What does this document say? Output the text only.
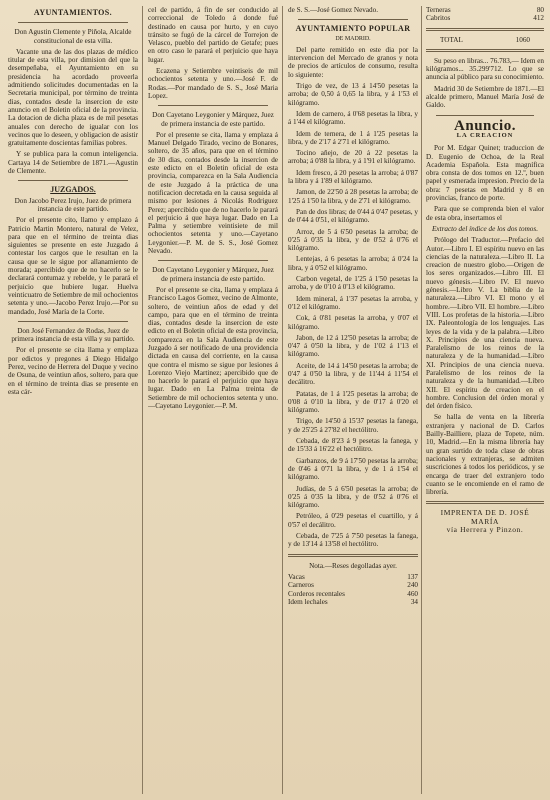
AYUNTAMIENTOS.

Don Agustin Clemente y Piñola, Alcalde constitucional de esta villa.

Vacante una de las dos plazas de médico titular de esta villa, por dimision del que la desempeñaba, el Ayuntamiento en su presidencia ha acordado proveerla admitiendo solicitudes documentadas en la Secretaria municipal, por término de treinta dias, contados desde la insercion de este anuncio en el Boletin oficial de la provincia. La dotacion de dicha plaza es de mil pesetas anuales con derecho de igualar con los vecinos que lo deseen, y obligacion de asistir gratuitamente doscientas familias pobres.

Y se publica para la comun inteligencia. Cartaya 14 de Setiembre de 1871.—Agustin de Clemente.

JUZGADOS.

Don Jacobo Perez Irujo, Juez de primera instancia de este partido.

Por el presente cito, llamo y emplazo á Patricio Martin Montero, natural de Velez, para que en el término de treinta dias siguientes se presente en este Juzgado á contestar los cargos que le resultan en la causa que se le sigue por allanamiento de morada; apercibido que de no hacerlo se le declarará contumaz y rebelde, y le parará el perjuicio que hubiere lugar. Huelva veinticuatro de Setiembre de mil ochocientos setenta y uno.—Jacobo Perez Irujo.—Por su mandado, José María de la Corte.

Don José Fernandez de Rodas, Juez de primera instancia de esta villa y su partido.

Por el presente se cita llama y emplaza por edictos y pregones á Diego Hidalgo Perez, vecino de Herrera del Duque y vecino de Osuna, de veintiun años, soltero, para que en el término de treinta dias se presente en esta cár-

cel de partido, á fin de ser conducido al correccional de Toledo á donde fué destinado en causa por hurto, y en cuyo tránsito se fugó de la cárcel de Torrejon de Velasco, pueblo del partido de Getafe; pues en otro caso le parará el perjuicio que haya lugar.

Ecazena y Setiembre veintiseis de mil ochocientos setenta y uno.—José F. de Rodas.—Por mandado de S. S., José Maria Lopez.

Don Cayetano Leygonier y Márquez, Juez de primera instancia de este partido.

Por el presente se cita, llama y emplaza á Manuel Delgado Tirado, vecino de Bonares, soltero, de 35 años, para que en el término de 30 dias, contados desde la insercion de este edicto en el Boletin oficial de esta provincia, comparezca en la Sala Audiencia de este Juzgado á la práctica de una notificacion decretada en la causa seguida al mismo por lesiones á Nicolás Rodriguez Perez; apercibido que de no hacerlo le parará el perjuicio á que haya lugar. Dado en La Palma y setiembre veintisiete de mil ochocientos setenta y uno.—Cayetano Leygonier.—P. M. de S. S., José Gomez Nevado.

Don Cayetano Leygonier y Márquez, Juez de primera instancia de este partido.

Por el presente se cita, llama y emplaza á Francisco Lagos Gomez, vecino de Almonte, soltero, de veintiun años de edad y del campo, para que en el término de treinta dias, contados desde la insercion de este edicto en el Boletin oficial de esta provincia, comparezca en la Sala Audiencia de este Juzgado á ser notificado de una providencia dictada en causa del corriente, en la causa que contra el mismo se sigue por lesiones á Lorenzo Viejo Martinez; apercibido que de no hacerlo le parará el perjuicio que haya lugar. Dado en La Palma treinta de Setiembre de mil ochocientos setenta y uno.—Cayetano Leygonier.—P. M.

de S. S.—José Gomez Nevado.

AYUNTAMIENTO POPULAR
DE MADRID.

Del parte remitido en este dia por la intervencion del Mercado de granos y nota de precios de artículos de consumo, resulta lo siguiente:

Trigo de vez, de 13 á 14'50 pesetas la arroba; de 0,50 á 0,65 la libra, y á 1'53 el kilógramo.

Idem de carnero, á 0'68 pesetas la libra, y á 1'44 el kilógramo.

Idem de ternera, de 1 á 1'25 pesetas la libra, y de 2'17 á 2'71 el kilógramo.

Tocino añejo, de 20 á 22 pesetas la arroba; á 0'88 la libra, y á 1'91 el kilógramo.

Idem fresco, á 20 pesetas la arroba; á 0'87 la libra y á 1'89 el kilógramo.

Jamon, de 22'50 á 28 pesetas la arroba; de 1'25 á 1'50 la libra, y de 2'71 el kilógramo.

Pan de dos libras; de 0'44 á 0'47 pesetas, y de 0'44 á 0'51, el kilógramo.

Arroz, de 5 á 6'50 pesetas la arroba; de 0'25 á 0'35 la libra, y de 0'52 á 0'76 el kilógramo.

Lentejas, á 6 pesetas la arroba; á 0'24 la libra, y á 0'52 el kilógramo.

Carbon vegetal, de 1'25 á 1'50 pesetas la arroba, y de 0'10 á 0'13 el kilógramo.

Idem mineral, á 1'37 pesetas la arroba, y 0'12 el kilógramo.

Cok, á 0'81 pesetas la arroba, y 0'07 el kilógramo.

Jabon, de 12 á 12'50 pesetas la arroba; de 0'47 á 0'50 la libra, y de 1'02 á 1'13 el kilógramo.

Aceite, de 14 á 14'50 pesetas la arroba; de 0'47 á 0'50 la libra, y de 11'44 á 11'54 el decálitro.

Patatas, de 1 á 1'25 pesetas la arroba; de 0'08 á 0'10 la libra, y de 0'17 á 0'20 el kilógramo.

Trigo, de 14'50 á 15'37 pesetas la fanega, y de 25'25 á 27'82 el hectólitro.

Cebada, de 8'23 á 9 pesetas la fanega, y de 15'33 á 16'22 el hectólitro.

Garbanzos, de 9 á 17'50 pesetas la arroba; de 0'46 á 0'71 la libra, y de 1 á 1'54 el kilógramo.

Judías, de 5 á 6'50 pesetas la arroba; de 0'25 á 0'35 la libra, y de 0'52 á 0'76 el kilógramo.

Petróleo, á 0'29 pesetas el cuartillo, y á 0'57 el decálitro.

Cebada, de 7'25 á 7'50 pesetas la fanega, y de 13'14 á 13'58 el hectólitro.

Nota.—Reses degolladas ayer.

Vacas	137
Carneros	240
Corderos recentales	460
Idem lechales	34
Terneras	80
Cabritos	412
TOTAL	1060

Su peso en libras... 76.783,— Idem en kilógramos... 35.299'712. Lo que se anuncia al público para su conocimiento.

Madrid 30 de Setiembre de 1871.—El alcalde primero, Manuel María José de Galdo.

Anuncio.
LA CREACION

Por M. Edgar Quinet; traduccion de D. Eugenio de Ochoa, de la Real Academia Española. Esta magnífica obra consta de dos tomos en 12.º, buen papel y esmerada impresion. Precio de la obra: 7 pesetas en Madrid y 8 en provincias, franco de porte.

Para que se comprenda bien el valor de esta obra, insertamos el

Extracto del índice de los dos tomos.

Prólogo del Traductor.—Prefacio del Autor.—Libro I. El espíritu nuevo en las ciencias de la naturaleza.—Libro II. La creacion de nuestro globo.—Origen de los seres organizados.—Libro III. El nuevo génesis.—Libro IV. El nuevo génesis.—Libro V. La biblia de la naturaleza.—Libro VI. El mono y el hombre.—Libro VII. El hombre.—Libro VIII. Los profetas de la historia.—Libro IX. Paleontología de los lenguajes. Las leyes de la vida y de la palabra.—Libro X. Principios de una ciencia nueva. Paralelismo de los reinos de la naturaleza y de la humanidad.—Libro XI. Principios de una ciencia nueva. Paralelismo de los reinos de la naturaleza y de la humanidad.—Libro XII. El espíritu de creacion en el hombre. Conclusion del órden moral y del órden físico.

Se halla de venta en la librería extranjera y nacional de D. Carlos Bailly-Bailliere, plaza de Topete, núm. 10, Madrid.—En la misma librería hay un gran surtido de toda clase de obras nacionales y extranjeras, se admiten suscriciones á todos los periódicos, y se encarga de traer del extranjero todo cuanto se le encomiende en el ramo de librería.

IMPRENTA DE D. JOSÉ MARÍA
vía Herrera y Pinzon.
